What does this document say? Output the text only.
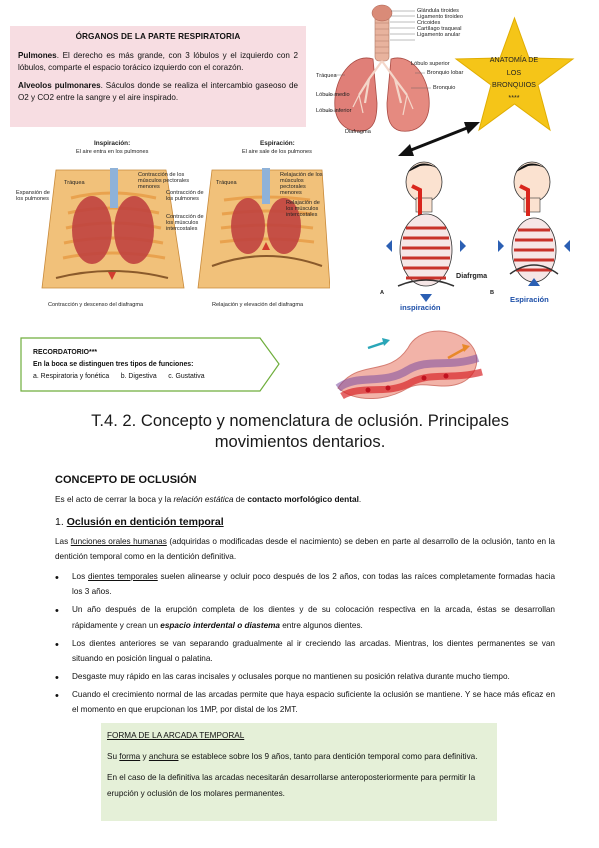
ÓRGANOS DE LA PARTE RESPIRATORIA

Pulmones. El derecho es más grande, con 3 lóbulos y el izquierdo con 2 lóbulos, comparte el espacio torácico izquierdo con el corazón.

Alveolos pulmonares. Sáculos donde se realiza el intercambio gaseoso de O2 y CO2 entre la sangre y el aire inspirado.

Glándula tiroides
Ligamento tiroideo
Cricoides
Cartílago traqueal
Ligamento anular
Lóbulo superior
Bronquio lobar
Bronquio
Tráquea
Lóbulo medio
Lóbulo inferior
Diafragma
ANATOMÍA DE
LOS
BRONQUIOS
****
Inspiración:
El aire entra en los pulmones
Espiración:
El aire sale de los pulmones
Expansión de los pulmones
Tráquea
Contracción de los músculos pectorales menores
Contracción de los pulmones
Contracción de los músculos intercostales
Tráquea
Relajación de los músculos pectorales menores
Relajación de los músculos intercostales
Contracción y descenso del diafragma	Relajación y elevación del diafragma
A	B
Diafrgma
inspiración
Espiración
RECORDATORIO***
En la boca se distinguen tres tipos de funciones:
a. Respiratoria y fonética      b. Digestiva      c. Gustativa
T.4. 2. Concepto y nomenclatura de oclusión. Principales
movimientos dentarios.
CONCEPTO DE OCLUSIÓN
Es el acto de cerrar la boca y la relación estática de contacto morfológico dental.
1. Oclusión en dentición temporal
Las funciones orales humanas (adquiridas o modificadas desde el nacimiento) se deben en parte al desarrollo de la oclusión, tanto en la dentición temporal como en la dentición definitiva.
• Los dientes temporales suelen alinearse y ocluir poco después de los 2 años, con todas las raíces completamente formadas hacia los 3 años.
• Un año después de la erupción completa de los dientes y de su colocación respectiva en la arcada, éstas se desarrollan rápidamente y crean un espacio interdental o diastema entre algunos dientes.
• Los dientes anteriores se van separando gradualmente al ir creciendo las arcadas. Mientras, los dientes permanentes se van situando en posición lingual o palatina.
• Desgaste muy rápido en las caras incisales y oclusales porque no mantienen su posición relativa durante mucho tiempo.
• Cuando el crecimiento normal de las arcadas permite que haya espacio suficiente la oclusión se mantiene. Y se hace más eficaz en el momento en que erupcionan los 1MP, por distal de los 2MT.

FORMA DE LA ARCADA TEMPORAL

Su forma y anchura se establece sobre los 9 años, tanto para dentición temporal como para definitiva.

En el caso de la definitiva las arcadas necesitarán desarrollarse anteroposteriormente para permitir la erupción y oclusión de los molares permanentes.
